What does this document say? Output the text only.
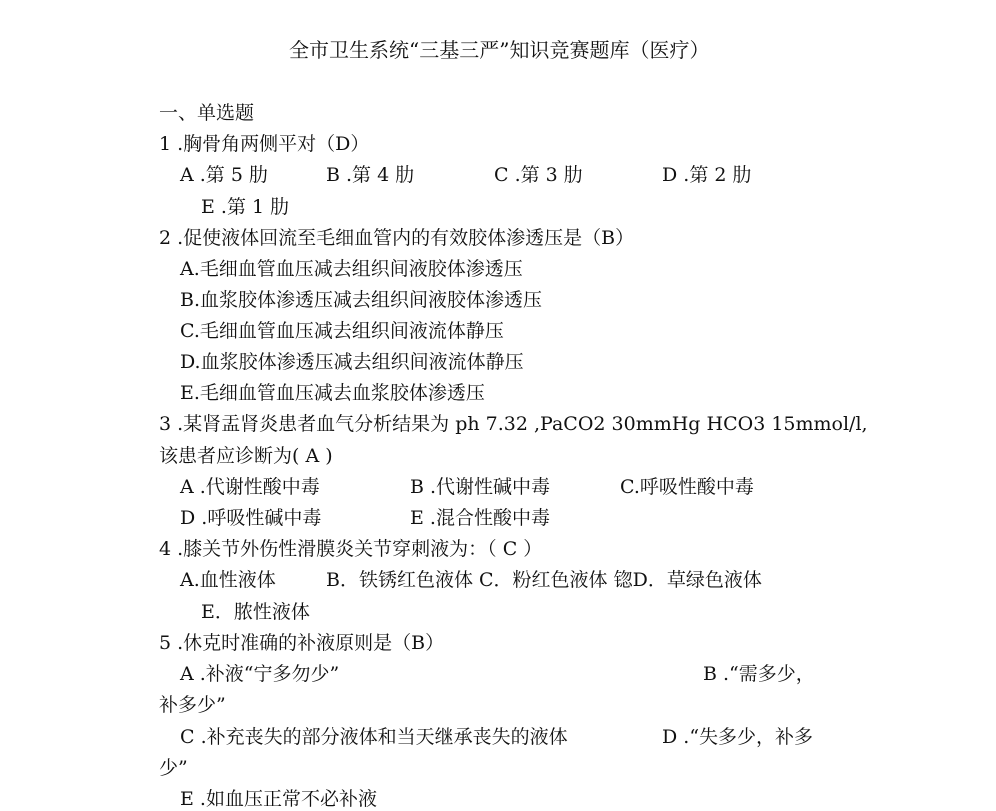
全市卫生系统“三基三严”知识竞赛题库（医疗）
一、单选题
1 .胸骨角两侧平对（D）
A .第 5 肋	B .第 4 肋	C .第 3 肋	D .第 2 肋
E .第 1 肋
2 .促使液体回流至毛细血管内的有效胶体渗透压是（B）
A.毛细血管血压减去组织间液胶体渗透压
B.血浆胶体渗透压减去组织间液胶体渗透压
C.毛细血管血压减去组织间液流体静压
D.血浆胶体渗透压减去组织间液流体静压
E.毛细血管血压减去血浆胶体渗透压
3 .某肾盂肾炎患者血气分析结果为 ph 7.32 ,PaCO2 30mmHg HCO3 15mmol/l,
该患者应诊断为( A )
A .代谢性酸中毒	B .代谢性碱中毒	C.呼吸性酸中毒
D .呼吸性碱中毒	E .混合性酸中毒
4 .膝关节外伤性滑膜炎关节穿刺液为：（ C ）
A.血性液体	B．铁锈红色液体 C．粉红色液体 锪D．草绿色液体
E．脓性液体
5 .休克时准确的补液原则是（B）
A .补液“宁多勿少”	B .“需多少，
补多少”
C .补充丧失的部分液体和当天继承丧失的液体	D .“失多少，补多
少”
E .如血压正常不必补液
